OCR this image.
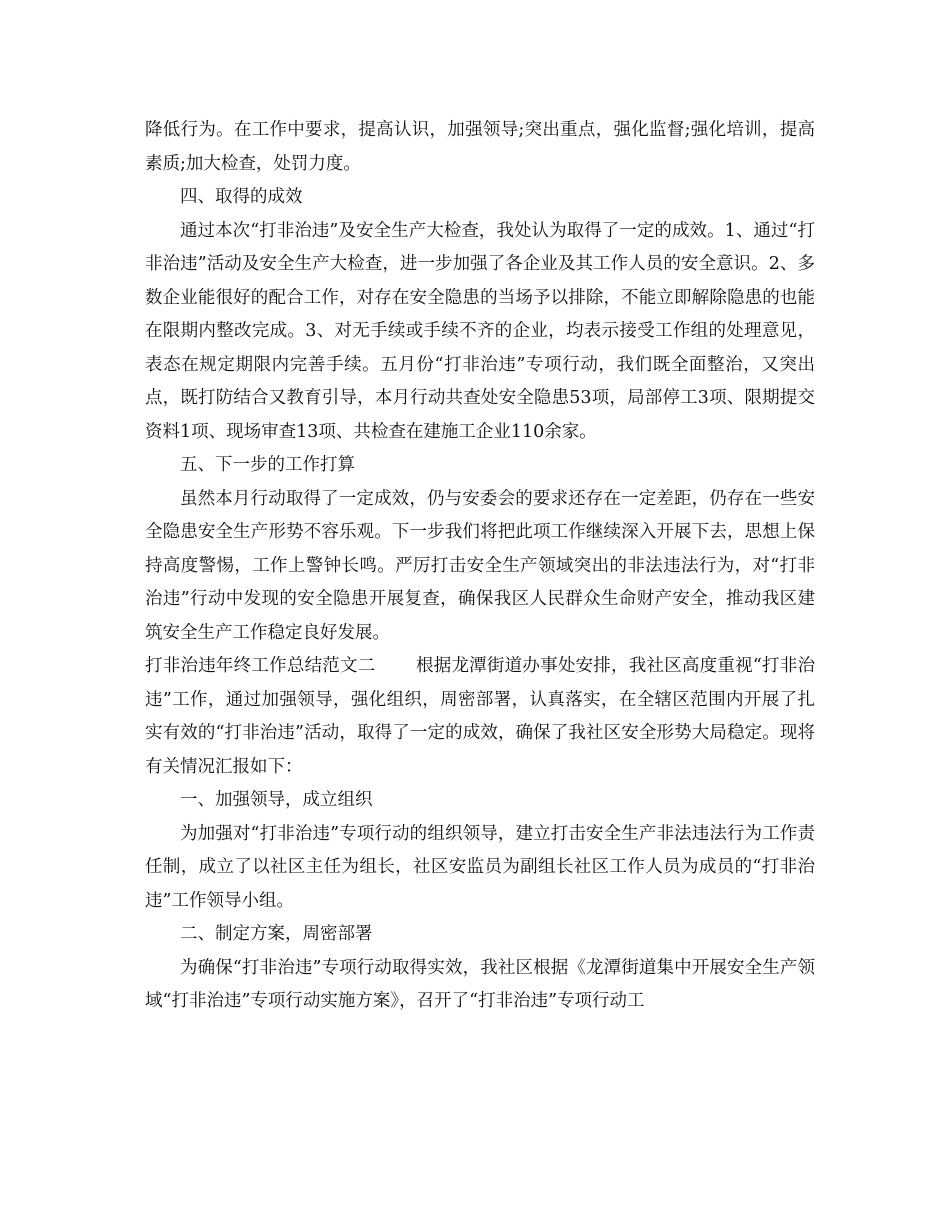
降低行为。在工作中要求，提高认识，加强领导;突出重点，强化监督;强化培训，提高素质;加大检查，处罚力度。

四、取得的成效

通过本次“打非治违”及安全生产大检查，我处认为取得了一定的成效。1、通过“打非治违”活动及安全生产大检查，进一步加强了各企业及其工作人员的安全意识。2、多数企业能很好的配合工作，对存在安全隐患的当场予以排除，不能立即解除隐患的也能在限期内整改完成。3、对无手续或手续不齐的企业，均表示接受工作组的处理意见，表态在规定期限内完善手续。五月份“打非治违”专项行动，我们既全面整治，又突出点，既打防结合又教育引导，本月行动共查处安全隐患53项，局部停工3项、限期提交资料1项、现场审查13项、共检查在建施工企业110余家。

五、下一步的工作打算

虽然本月行动取得了一定成效，仍与安委会的要求还存在一定差距，仍存在一些安全隐患安全生产形势不容乐观。下一步我们将把此项工作继续深入开展下去，思想上保持高度警惕，工作上警钟长鸣。严厉打击安全生产领域突出的非法违法行为，对“打非治违”行动中发现的安全隐患开展复查，确保我区人民群众生命财产安全，推动我区建筑安全生产工作稳定良好发展。

打非治违年终工作总结范文二 根据龙潭街道办事处安排，我社区高度重视“打非治违”工作，通过加强领导，强化组织，周密部署，认真落实，在全辖区范围内开展了扎实有效的“打非治违”活动，取得了一定的成效，确保了我社区安全形势大局稳定。现将有关情况汇报如下：

一、加强领导，成立组织

为加强对“打非治违”专项行动的组织领导，建立打击安全生产非法违法行为工作责任制，成立了以社区主任为组长，社区安监员为副组长社区工作人员为成员的“打非治违”工作领导小组。

二、制定方案，周密部署

为确保“打非治违”专项行动取得实效，我社区根据《龙潭街道集中开展安全生产领域“打非治违”专项行动实施方案》，召开了“打非治违”专项行动工
